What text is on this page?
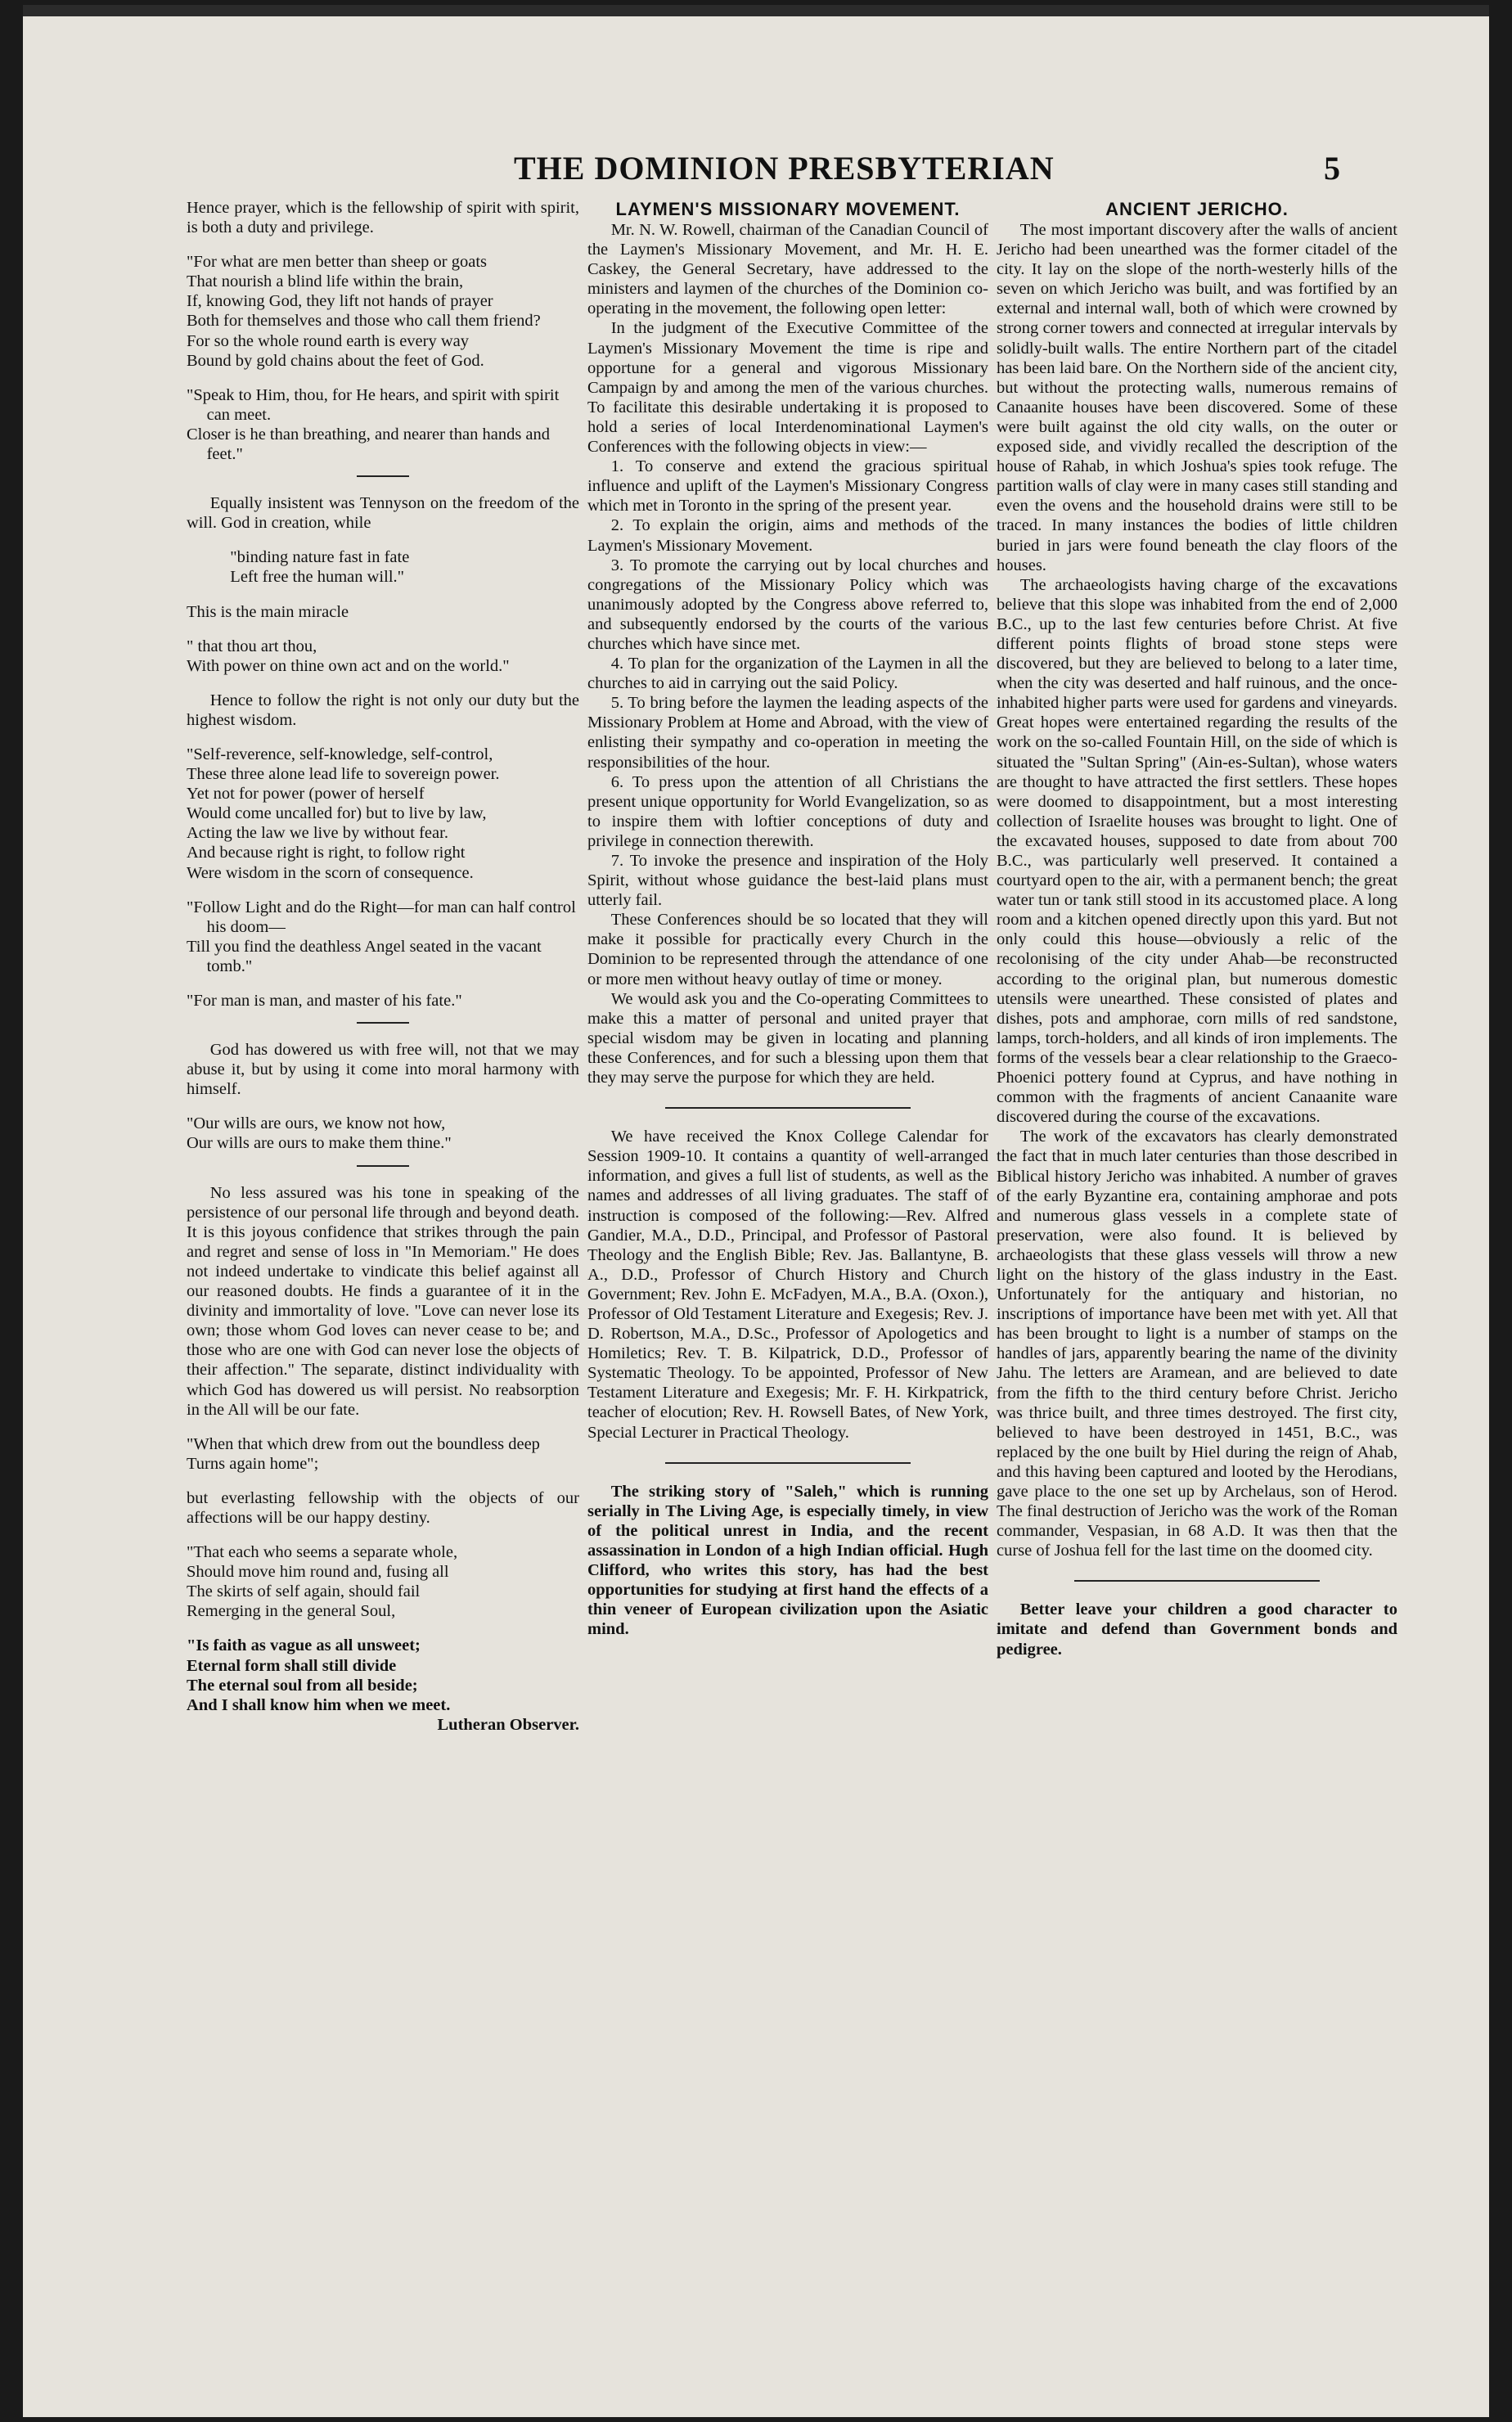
THE DOMINION PRESBYTERIAN	5

Hence prayer, which is the fellowship of spirit with spirit, is both a duty and privilege.

"For what are men better than sheep or goats

That nourish a blind life within the brain,

If, knowing God, they lift not hands of prayer

Both for themselves and those who call them friend?

For so the whole round earth is every way

Bound by gold chains about the feet of God.

"Speak to Him, thou, for He hears, and spirit with spirit can meet.

Closer is he than breathing, and nearer than hands and feet."

Equally insistent was Tennyson on the freedom of the will. God in creation, while

"binding nature fast in fate

Left free the human will."

This is the main miracle

" that thou art thou,

With power on thine own act and on the world."

Hence to follow the right is not only our duty but the highest wisdom.

"Self-reverence, self-knowledge, self-control,

These three alone lead life to sovereign power.

Yet not for power (power of herself

Would come uncalled for) but to live by law,

Acting the law we live by without fear.

And because right is right, to follow right

Were wisdom in the scorn of consequence.

"Follow Light and do the Right—for man can half control his doom—

Till you find the deathless Angel seated in the vacant tomb."

"For man is man, and master of his fate."

God has dowered us with free will, not that we may abuse it, but by using it come into moral harmony with himself.

"Our wills are ours, we know not how,

Our wills are ours to make them thine."

No less assured was his tone in speaking of the persistence of our personal life through and beyond death. It is this joyous confidence that strikes through the pain and regret and sense of loss in "In Memoriam." He does not indeed undertake to vindicate this belief against all our reasoned doubts. He finds a guarantee of it in the divinity and immortality of love. "Love can never lose its own; those whom God loves can never cease to be; and those who are one with God can never lose the objects of their affection." The separate, distinct individuality with which God has dowered us will persist. No reabsorption in the All will be our fate.

"When that which drew from out the boundless deep

Turns again home";

but everlasting fellowship with the objects of our affections will be our happy destiny.

"That each who seems a separate whole,

Should move him round and, fusing all

The skirts of self again, should fail

Remerging in the general Soul,

"Is faith as vague as all unsweet;

Eternal form shall still divide

The eternal soul from all beside;

And I shall know him when we meet.

Lutheran Observer.

LAYMEN'S MISSIONARY MOVEMENT.

Mr. N. W. Rowell, chairman of the Canadian Council of the Laymen's Missionary Movement, and Mr. H. E. Caskey, the General Secretary, have addressed to the ministers and laymen of the churches of the Dominion co-operating in the movement, the following open letter:

In the judgment of the Executive Committee of the Laymen's Missionary Movement the time is ripe and opportune for a general and vigorous Missionary Campaign by and among the men of the various churches. To facilitate this desirable undertaking it is proposed to hold a series of local Interdenominational Laymen's Conferences with the following objects in view:—

1. To conserve and extend the gracious spiritual influence and uplift of the Laymen's Missionary Congress which met in Toronto in the spring of the present year.

2. To explain the origin, aims and methods of the Laymen's Missionary Movement.

3. To promote the carrying out by local churches and congregations of the Missionary Policy which was unanimously adopted by the Congress above referred to, and subsequently endorsed by the courts of the various churches which have since met.

4. To plan for the organization of the Laymen in all the churches to aid in carrying out the said Policy.

5. To bring before the laymen the leading aspects of the Missionary Problem at Home and Abroad, with the view of enlisting their sympathy and co-operation in meeting the responsibilities of the hour.

6. To press upon the attention of all Christians the present unique opportunity for World Evangelization, so as to inspire them with loftier conceptions of duty and privilege in connection therewith.

7. To invoke the presence and inspiration of the Holy Spirit, without whose guidance the best-laid plans must utterly fail.

These Conferences should be so located that they will make it possible for practically every Church in the Dominion to be represented through the attendance of one or more men without heavy outlay of time or money.

We would ask you and the Co-operating Committees to make this a matter of personal and united prayer that special wisdom may be given in locating and planning these Conferences, and for such a blessing upon them that they may serve the purpose for which they are held.

We have received the Knox College Calendar for Session 1909-10. It contains a quantity of well-arranged information, and gives a full list of students, as well as the names and addresses of all living graduates. The staff of instruction is composed of the following:—Rev. Alfred Gandier, M.A., D.D., Principal, and Professor of Pastoral Theology and the English Bible; Rev. Jas. Ballantyne, B. A., D.D., Professor of Church History and Church Government; Rev. John E. McFadyen, M.A., B.A. (Oxon.), Professor of Old Testament Literature and Exegesis; Rev. J. D. Robertson, M.A., D.Sc., Professor of Apologetics and Homiletics; Rev. T. B. Kilpatrick, D.D., Professor of Systematic Theology. To be appointed, Professor of New Testament Literature and Exegesis; Mr. F. H. Kirkpatrick, teacher of elocution; Rev. H. Rowsell Bates, of New York, Special Lecturer in Practical Theology.

The striking story of "Saleh," which is running serially in The Living Age, is especially timely, in view of the political unrest in India, and the recent assassination in London of a high Indian official. Hugh Clifford, who writes this story, has had the best opportunities for studying at first hand the effects of a thin veneer of European civilization upon the Asiatic mind.

ANCIENT JERICHO.

The most important discovery after the walls of ancient Jericho had been unearthed was the former citadel of the city. It lay on the slope of the north-westerly hills of the seven on which Jericho was built, and was fortified by an external and internal wall, both of which were crowned by strong corner towers and connected at irregular intervals by solidly-built walls. The entire Northern part of the citadel has been laid bare. On the Northern side of the ancient city, but without the protecting walls, numerous remains of Canaanite houses have been discovered. Some of these were built against the old city walls, on the outer or exposed side, and vividly recalled the description of the house of Rahab, in which Joshua's spies took refuge. The partition walls of clay were in many cases still standing and even the ovens and the household drains were still to be traced. In many instances the bodies of little children buried in jars were found beneath the clay floors of the houses.

The archaeologists having charge of the excavations believe that this slope was inhabited from the end of 2,000 B.C., up to the last few centuries before Christ. At five different points flights of broad stone steps were discovered, but they are believed to belong to a later time, when the city was deserted and half ruinous, and the once-inhabited higher parts were used for gardens and vineyards. Great hopes were entertained regarding the results of the work on the so-called Fountain Hill, on the side of which is situated the "Sultan Spring" (Ain-es-Sultan), whose waters are thought to have attracted the first settlers. These hopes were doomed to disappointment, but a most interesting collection of Israelite houses was brought to light. One of the excavated houses, supposed to date from about 700 B.C., was particularly well preserved. It contained a courtyard open to the air, with a permanent bench; the great water tun or tank still stood in its accustomed place. A long room and a kitchen opened directly upon this yard. But not only could this house—obviously a relic of the recolonising of the city under Ahab—be reconstructed according to the original plan, but numerous domestic utensils were unearthed. These consisted of plates and dishes, pots and amphorae, corn mills of red sandstone, lamps, torch-holders, and all kinds of iron implements. The forms of the vessels bear a clear relationship to the Graeco-Phoenici pottery found at Cyprus, and have nothing in common with the fragments of ancient Canaanite ware discovered during the course of the excavations.

The work of the excavators has clearly demonstrated the fact that in much later centuries than those described in Biblical history Jericho was inhabited. A number of graves of the early Byzantine era, containing amphorae and pots and numerous glass vessels in a complete state of preservation, were also found. It is believed by archaeologists that these glass vessels will throw a new light on the history of the glass industry in the East. Unfortunately for the antiquary and historian, no inscriptions of importance have been met with yet. All that has been brought to light is a number of stamps on the handles of jars, apparently bearing the name of the divinity Jahu. The letters are Aramean, and are believed to date from the fifth to the third century before Christ. Jericho was thrice built, and three times destroyed. The first city, believed to have been destroyed in 1451, B.C., was replaced by the one built by Hiel during the reign of Ahab, and this having been captured and looted by the Herodians, gave place to the one set up by Archelaus, son of Herod. The final destruction of Jericho was the work of the Roman commander, Vespasian, in 68 A.D. It was then that the curse of Joshua fell for the last time on the doomed city.

Better leave your children a good character to imitate and defend than Government bonds and pedigree.
